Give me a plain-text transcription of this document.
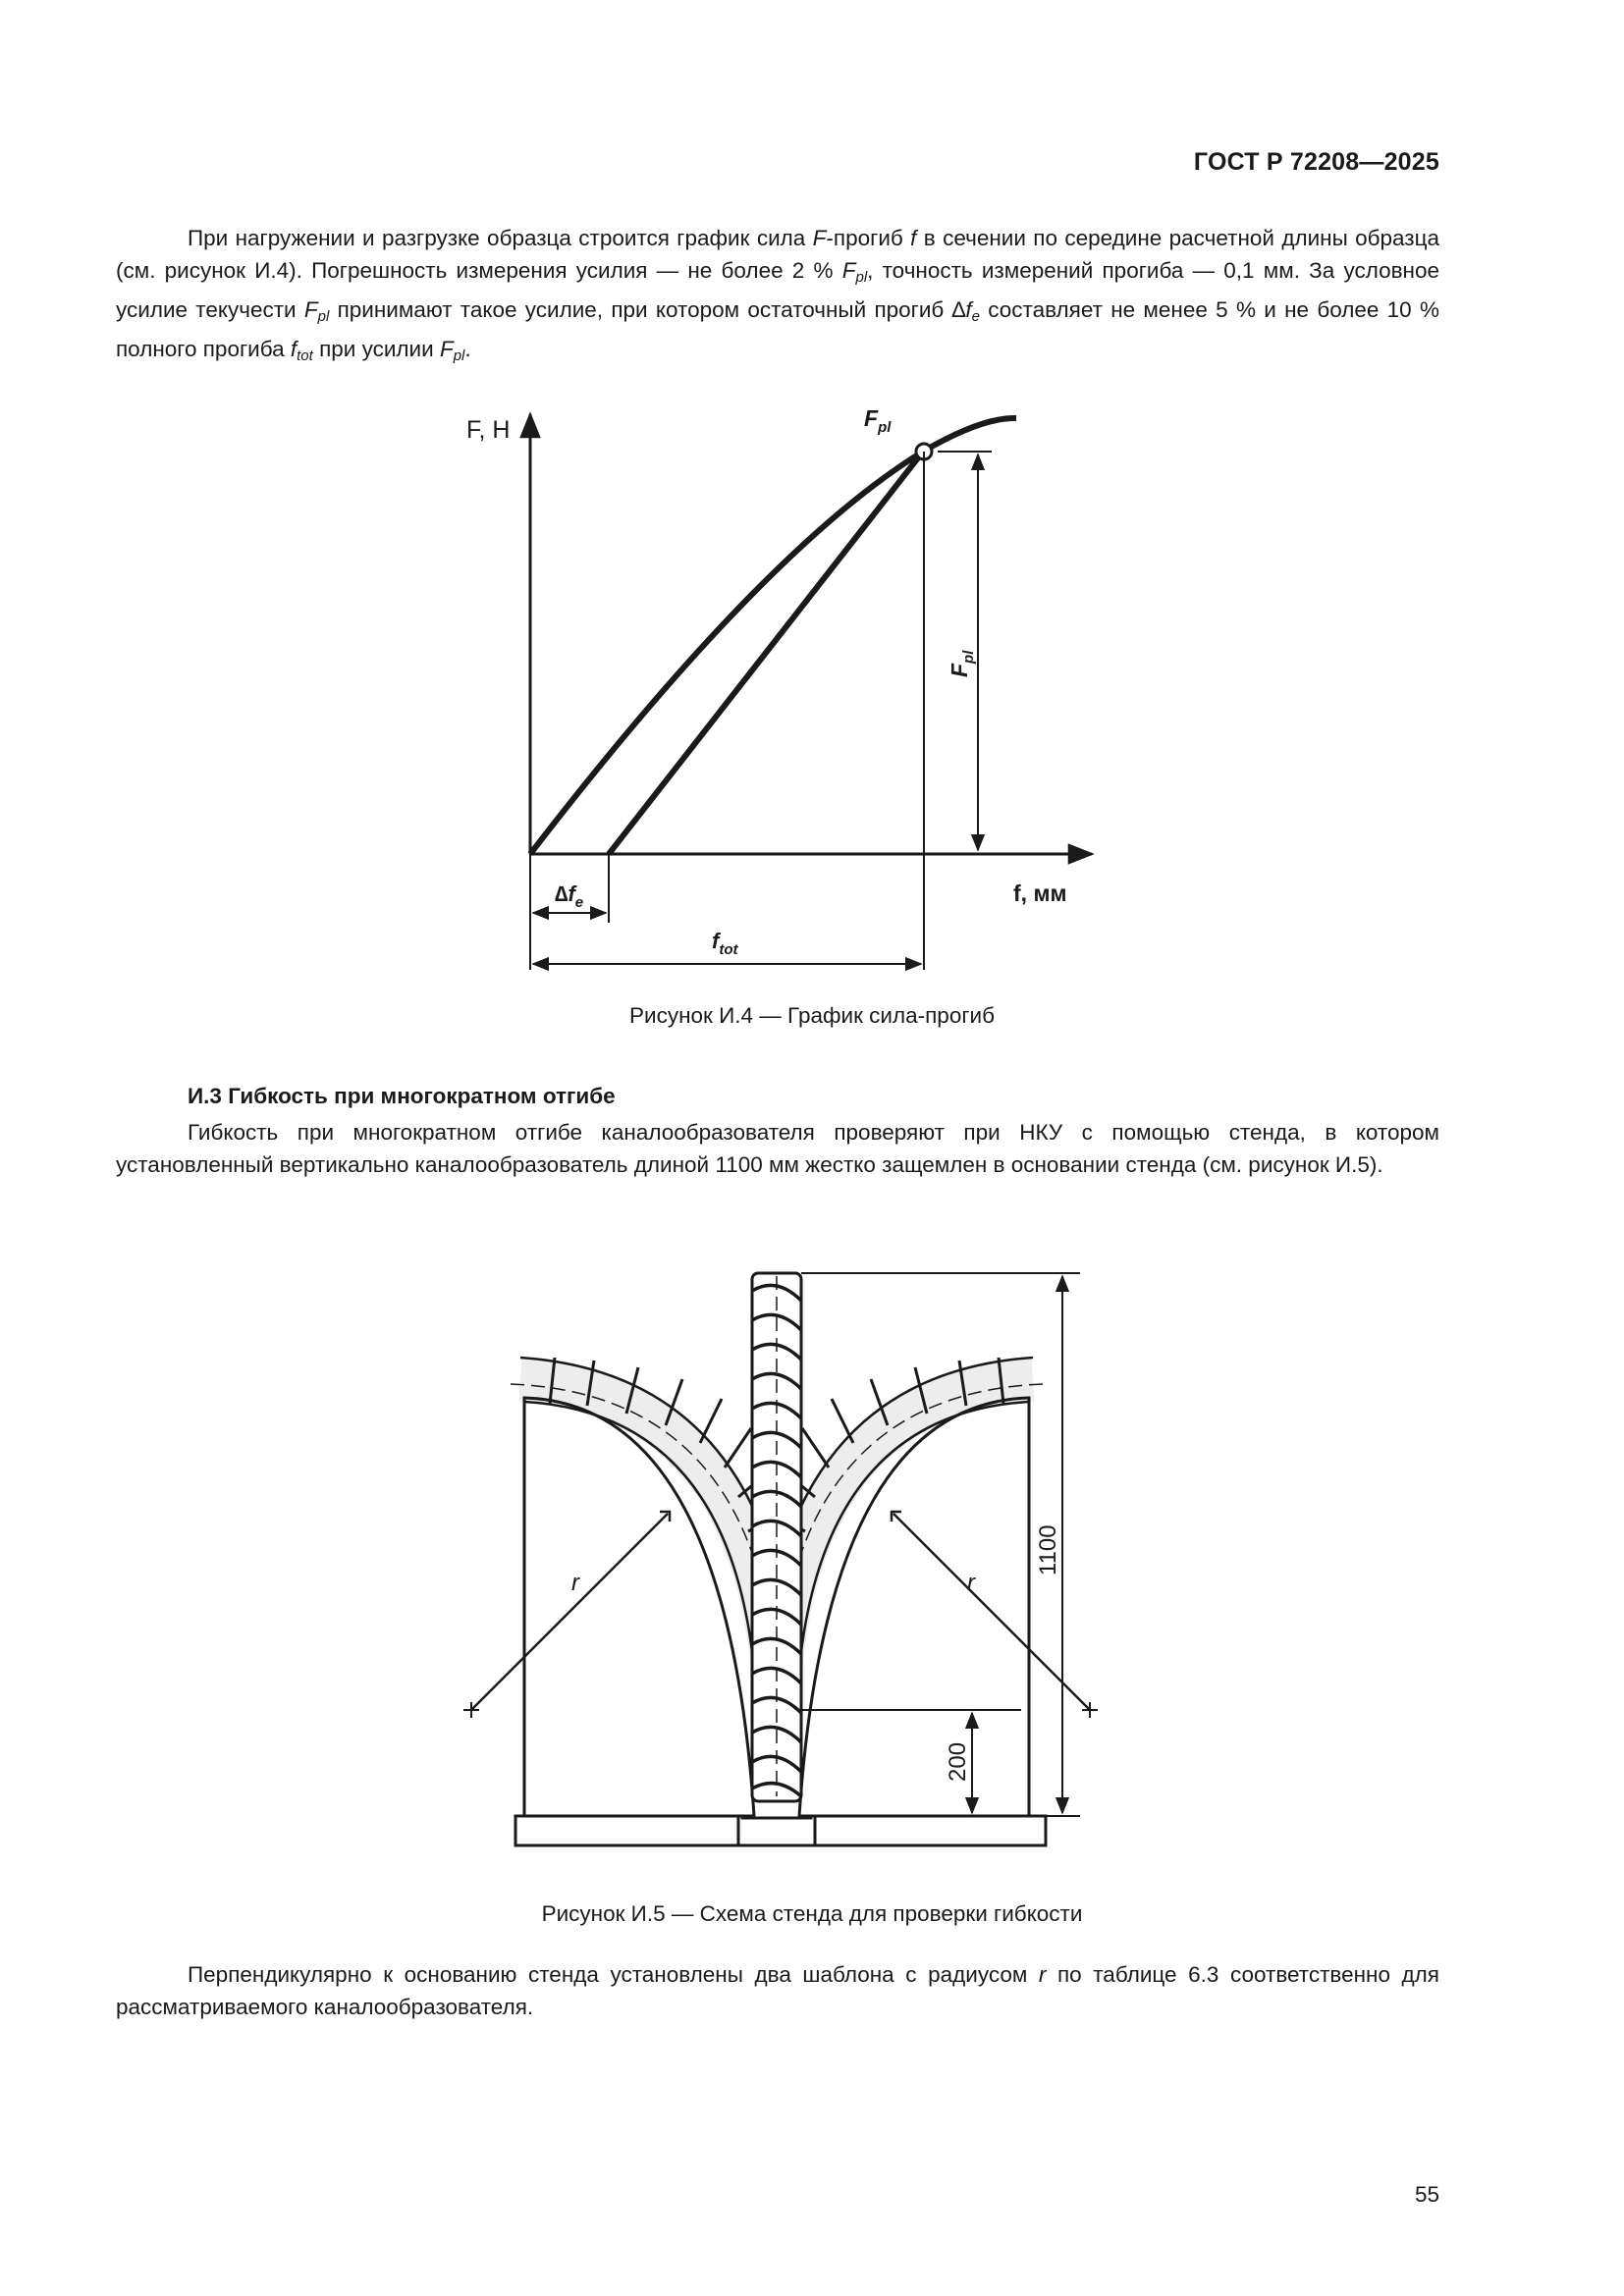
ГОСТ Р 72208—2025

При нагружении и разгрузке образца строится график сила F-прогиб f в сечении по середине расчетной длины образца (см. рисунок И.4). Погрешность измерения усилия — не более 2 % $F_{pl}$, точность измерений прогиба — 0,1 мм. За условное усилие текучести $F_{pl}$ принимают такое усилие, при котором остаточный прогиб $\Delta f_e$ составляет не менее 5 % и не более 10 % полного прогиба $f_{tot}$ при усилии $F_{pl}$.

$F_{pl}$
$F_{pl}$
$\Delta f_e$
$f_{tot}$
F, H
f, мм
Рисунок И.4 — График сила-прогиб
И.3 Гибкость при многократном отгибе

Гибкость при многократном отгибе каналообразователя проверяют при НКУ с помощью стенда, в котором установленный вертикально каналообразователь длиной 1100 мм жестко защемлен в основании стенда (см. рисунок И.5).

r	r
1100
200
Рисунок И.5 — Схема стенда для проверки гибкости

Перпендикулярно к основанию стенда установлены два шаблона с радиусом r по таблице 6.3 соответственно для рассматриваемого каналообразователя.

55
